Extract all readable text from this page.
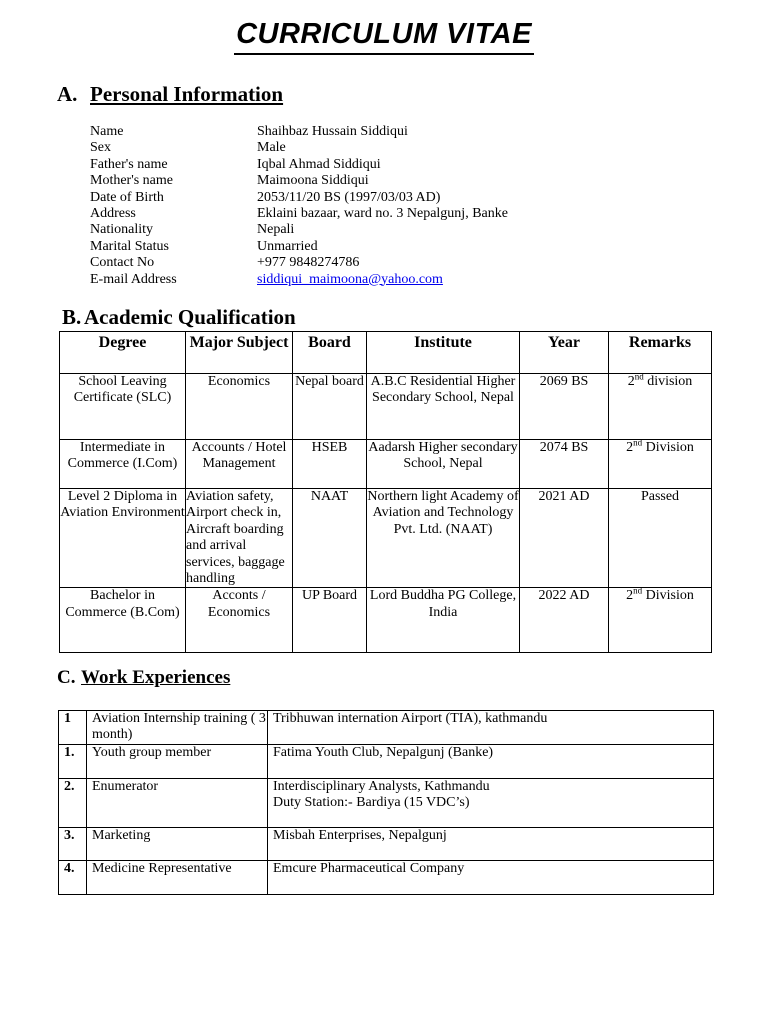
CURRICULUM VITAE
A. Personal Information
Name	Shaihbaz Hussain Siddiqui
Sex	Male
Father's name	Iqbal Ahmad Siddiqui
Mother's name	Maimoona Siddiqui
Date of Birth	2053/11/20 BS (1997/03/03 AD)
Address	Eklaini bazaar, ward no. 3 Nepalgunj, Banke
Nationality	Nepali
Marital Status	Unmarried
Contact No	+977 9848274786
E-mail Address	siddiqui_maimoona@yahoo.com
B. Academic Qualification
Degree	Major Subject	Board	Institute	Year	Remarks
School Leaving Certificate (SLC)	Economics	Nepal board	A.B.C Residential Higher Secondary School, Nepal	2069 BS	2nd division
Intermediate in Commerce (I.Com)	Accounts / Hotel Management	HSEB	Aadarsh Higher secondary School, Nepal	2074 BS	2nd Division
Level 2 Diploma in Aviation Environment	Aviation safety, Airport check in, Aircraft boarding and arrival services, baggage handling	NAAT	Northern light Academy of Aviation and Technology Pvt. Ltd. (NAAT)	2021 AD	Passed
Bachelor in Commerce (B.Com)	Acconts / Economics	UP Board	Lord Buddha PG College, India	2022 AD	2nd Division
C. Work Experiences
1	Aviation Internship training ( 3 month)	Tribhuwan internation Airport (TIA), kathmandu
1.	Youth group member	Fatima Youth Club, Nepalgunj (Banke)
2.	Enumerator	Interdisciplinary Analysts, Kathmandu
Duty Station:- Bardiya (15 VDC’s)
3.	Marketing	Misbah Enterprises, Nepalgunj
4.	Medicine Representative	Emcure Pharmaceutical Company
